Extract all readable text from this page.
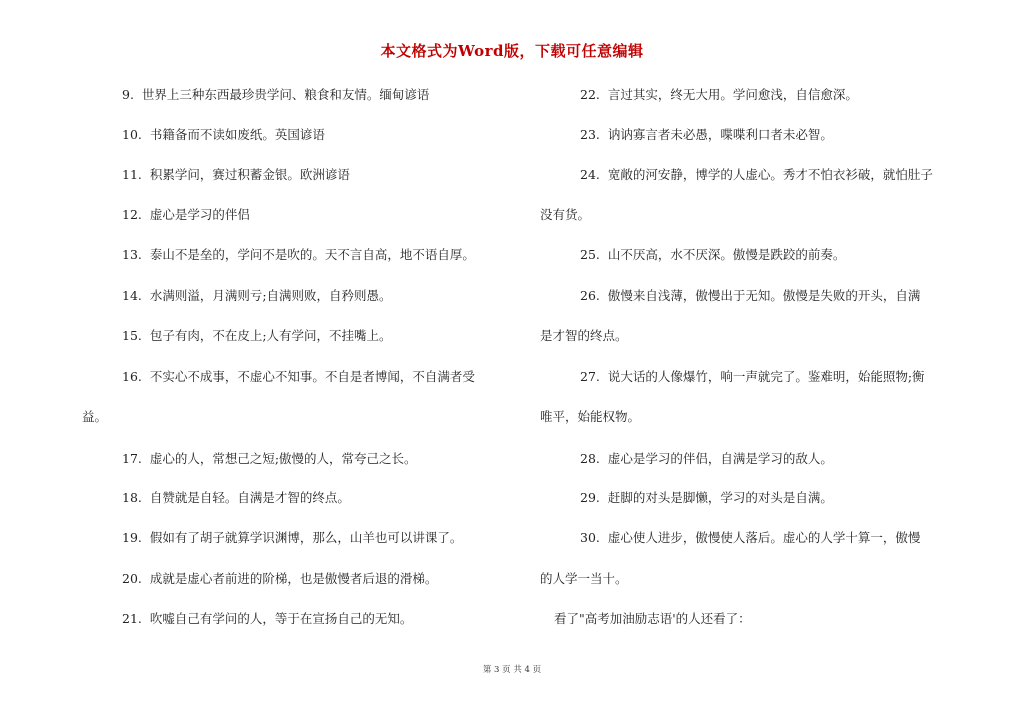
本文格式为Word版，下载可任意编辑
9. 世界上三种东西最珍贵学问、粮食和友情。缅甸谚语
10. 书籍备而不读如废纸。英国谚语
11. 积累学问，赛过积蓄金银。欧洲谚语
12. 虚心是学习的伴侣
13. 泰山不是垒的，学问不是吹的。天不言自高，地不语自厚。
14. 水满则溢，月满则亏;自满则败，自矜则愚。
15. 包子有肉，不在皮上;人有学问，不挂嘴上。
16. 不实心不成事，不虚心不知事。不自是者博闻，不自满者受
益。
17. 虚心的人，常想己之短;傲慢的人，常夸己之长。
18. 自赞就是自轻。自满是才智的终点。
19. 假如有了胡子就算学识渊博，那么，山羊也可以讲课了。
20. 成就是虚心者前进的阶梯，也是傲慢者后退的滑梯。
21. 吹嘘自己有学问的人，等于在宣扬自己的无知。
22. 言过其实，终无大用。学问愈浅，自信愈深。
23. 讷讷寡言者未必愚，喋喋利口者未必智。
24. 宽敞的河安静，博学的人虚心。秀才不怕衣衫破，就怕肚子
没有货。
25. 山不厌高，水不厌深。傲慢是跌跤的前奏。
26. 傲慢来自浅薄，傲慢出于无知。傲慢是失败的开头，自满
是才智的终点。
27. 说大话的人像爆竹，响一声就完了。鉴难明，始能照物;衡
唯平，始能权物。
28. 虚心是学习的伴侣，自满是学习的敌人。
29. 赶脚的对头是脚懒，学习的对头是自满。
30. 虚心使人进步，傲慢使人落后。虚心的人学十算一，傲慢
的人学一当十。
看了"高考加油励志语'的人还看了：
第 3 页 共 4 页
